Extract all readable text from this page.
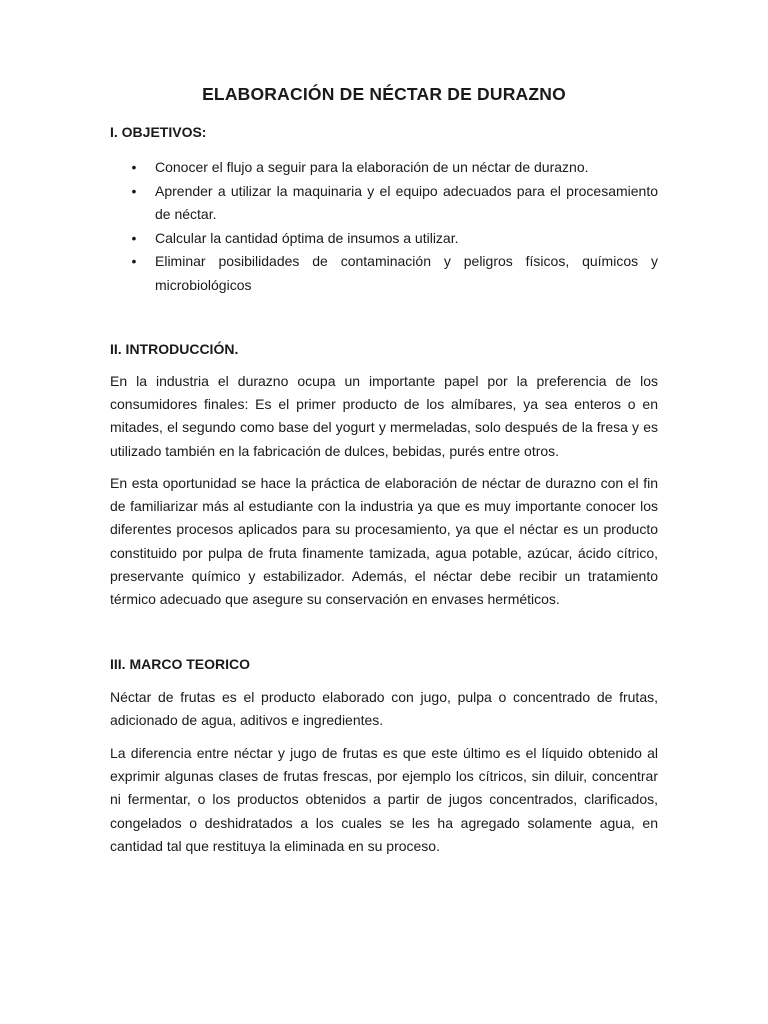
ELABORACIÓN DE NÉCTAR DE DURAZNO
I. OBJETIVOS:
• Conocer el flujo a seguir para la elaboración de un néctar de durazno.
• Aprender a utilizar la maquinaria y el equipo adecuados para el procesamiento de néctar.
• Calcular la cantidad óptima de insumos a utilizar.
• Eliminar posibilidades de contaminación y peligros físicos, químicos y microbiológicos
II. INTRODUCCIÓN.

En la industria el durazno ocupa un importante papel por la preferencia de los consumidores finales: Es el primer producto de los almíbares, ya sea enteros o en mitades, el segundo como base del yogurt y mermeladas, solo después de la fresa y es utilizado también en la fabricación de dulces, bebidas, purés entre otros.

En esta oportunidad se hace la práctica de elaboración de néctar de durazno con el fin de familiarizar más al estudiante con la industria ya que es muy importante conocer los diferentes procesos aplicados para su procesamiento, ya que el néctar es un producto constituido por pulpa de fruta finamente tamizada, agua potable, azúcar, ácido cítrico, preservante químico y estabilizador. Además, el néctar debe recibir un tratamiento térmico adecuado que asegure su conservación en envases herméticos.

III. MARCO TEORICO

Néctar de frutas es el producto elaborado con jugo, pulpa o concentrado de frutas, adicionado de agua, aditivos e ingredientes.

La diferencia entre néctar y jugo de frutas es que este último es el líquido obtenido al exprimir algunas clases de frutas frescas, por ejemplo los cítricos, sin diluir, concentrar ni fermentar, o los productos obtenidos a partir de jugos concentrados, clarificados, congelados o deshidratados a los cuales se les ha agregado solamente agua, en cantidad tal que restituya la eliminada en su proceso.
